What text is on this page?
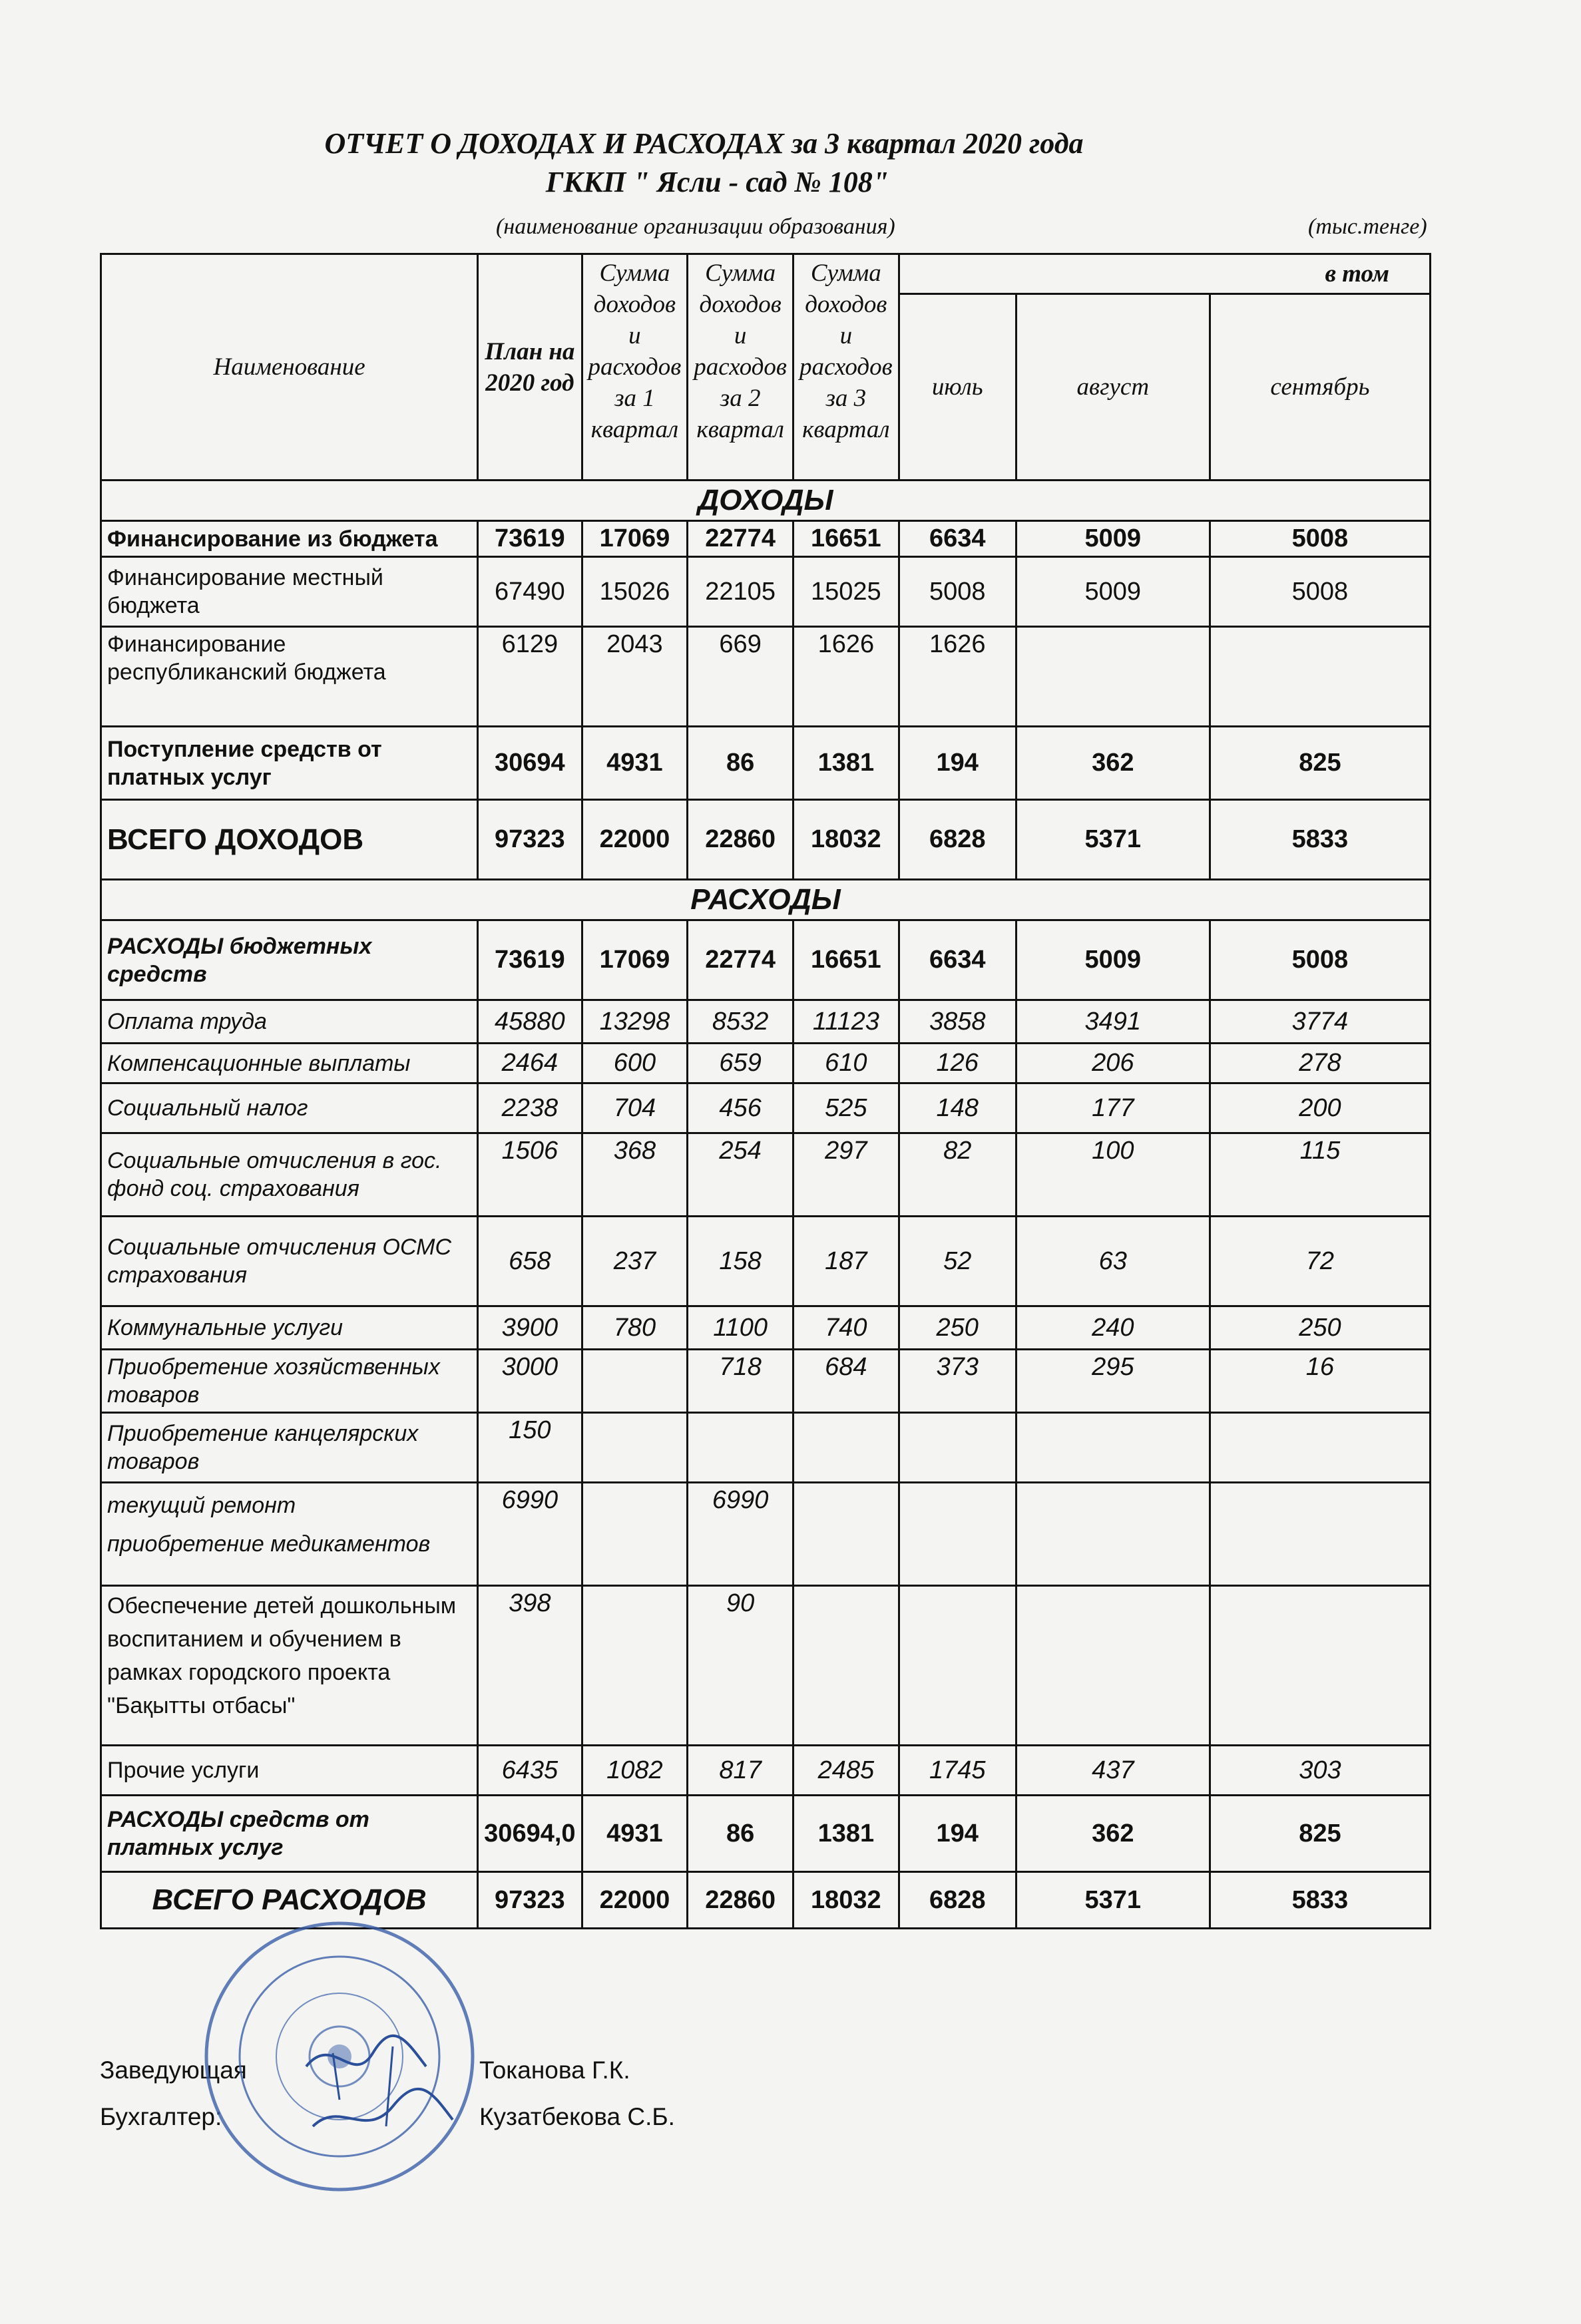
ОТЧЕТ О ДОХОДАХ И РАСХОДАХ за 3 квартал 2020 года
ГККП " Ясли - сад № 108"
(наименование организации образования)	(тыс.тенге)
Наименование	План на 2020 год	Сумма доходов и расходов за 1 квартал	Сумма доходов и расходов за 2 квартал	Сумма доходов и расходов за 3 квартал	в том		
					июль	август	сентябрь
ДОХОДЫ							
Финансирование из бюджета	73619	17069	22774	16651	6634	5009	5008
Финансирование местный бюджета	67490	15026	22105	15025	5008	5009	5008
Финансирование республиканский бюджета	6129	2043	669	1626	1626		
Поступление средств от платных услуг	30694	4931	86	1381	194	362	825
ВСЕГО ДОХОДОВ	97323	22000	22860	18032	6828	5371	5833
РАСХОДЫ							
РАСХОДЫ бюджетных средств	73619	17069	22774	16651	6634	5009	5008
Оплата труда	45880	13298	8532	11123	3858	3491	3774
Компенсационные выплаты	2464	600	659	610	126	206	278
Социальный налог	2238	704	456	525	148	177	200
Социальные отчисления в гос. фонд соц. страхования	1506	368	254	297	82	100	115
Социальные отчисления ОСМС страхования	658	237	158	187	52	63	72
Коммунальные услуги	3900	780	1100	740	250	240	250
Приобретение хозяйственных товаров	3000		718	684	373	295	16
Приобретение канцелярских товаров	150						

текущий ремонт
приобретение медикаментов	6990		6990				
Обеспечение детей дошкольным воспитанием и обучением в рамках городского проекта "Бақытты отбасы"	398		90				
Прочие услуги	6435	1082	817	2485	1745	437	303
РАСХОДЫ средств от платных услуг	30694,0	4931	86	1381	194	362	825
ВСЕГО РАСХОДОВ	97323	22000	22860	18032	6828	5371	5833
Заведующая	Токанова Г.К.
Бухгалтер:	Кузатбекова С.Б.
